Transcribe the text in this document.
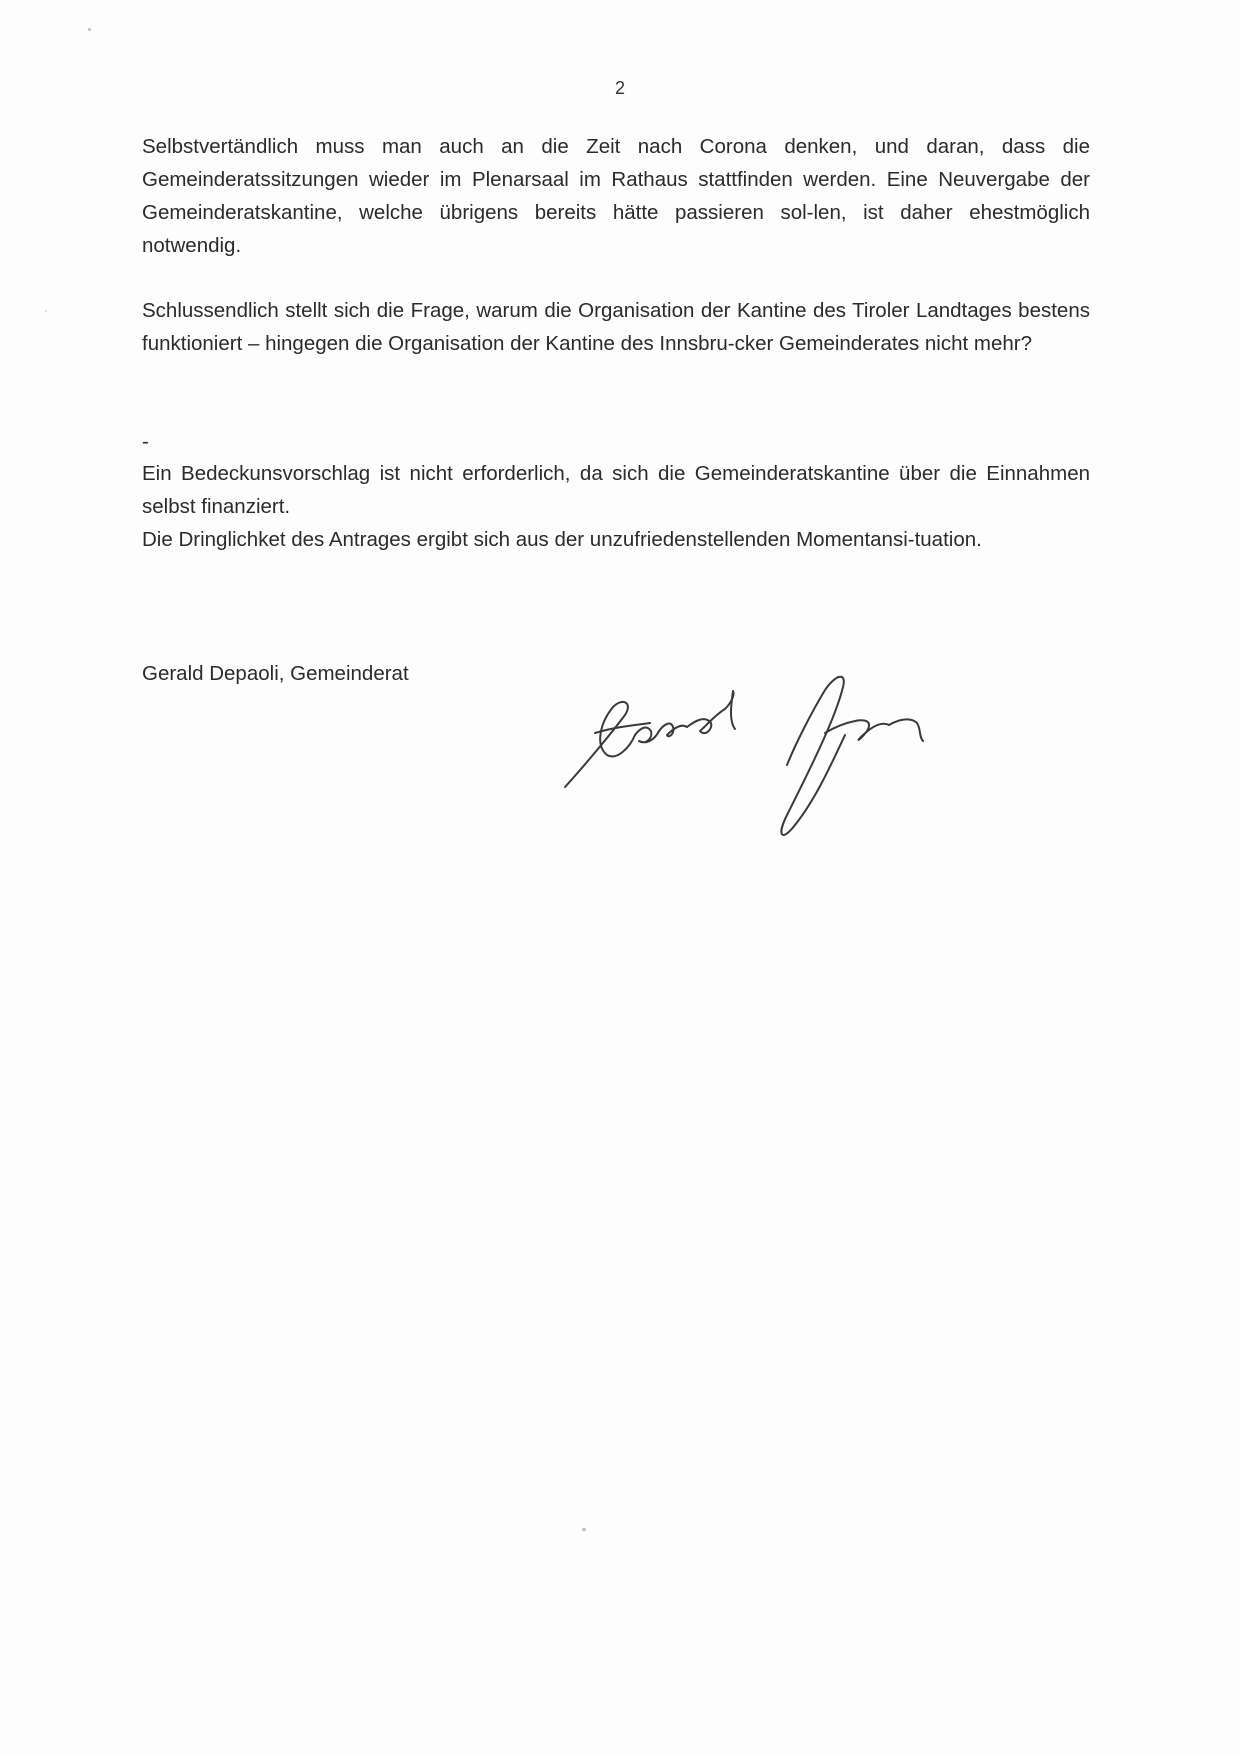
2

Selbstvertändlich muss man auch an die Zeit nach Corona denken, und daran, dass die Gemeinderatssitzungen wieder im Plenarsaal im Rathaus stattfinden werden. Eine Neuvergabe der Gemeinderatskantine, welche übrigens bereits hätte passieren sol-len, ist daher ehestmöglich notwendig.

Schlussendlich stellt sich die Frage, warum die Organisation der Kantine des Tiroler Landtages bestens funktioniert – hingegen die Organisation der Kantine des Innsbru-cker Gemeinderates nicht mehr?

-

Ein Bedeckunsvorschlag ist nicht erforderlich, da sich die Gemeinderatskantine über die Einnahmen selbst finanziert.

Die Dringlichket des Antrages ergibt sich aus der unzufriedenstellenden Momentansi-tuation.

Gerald Depaoli, Gemeinderat
